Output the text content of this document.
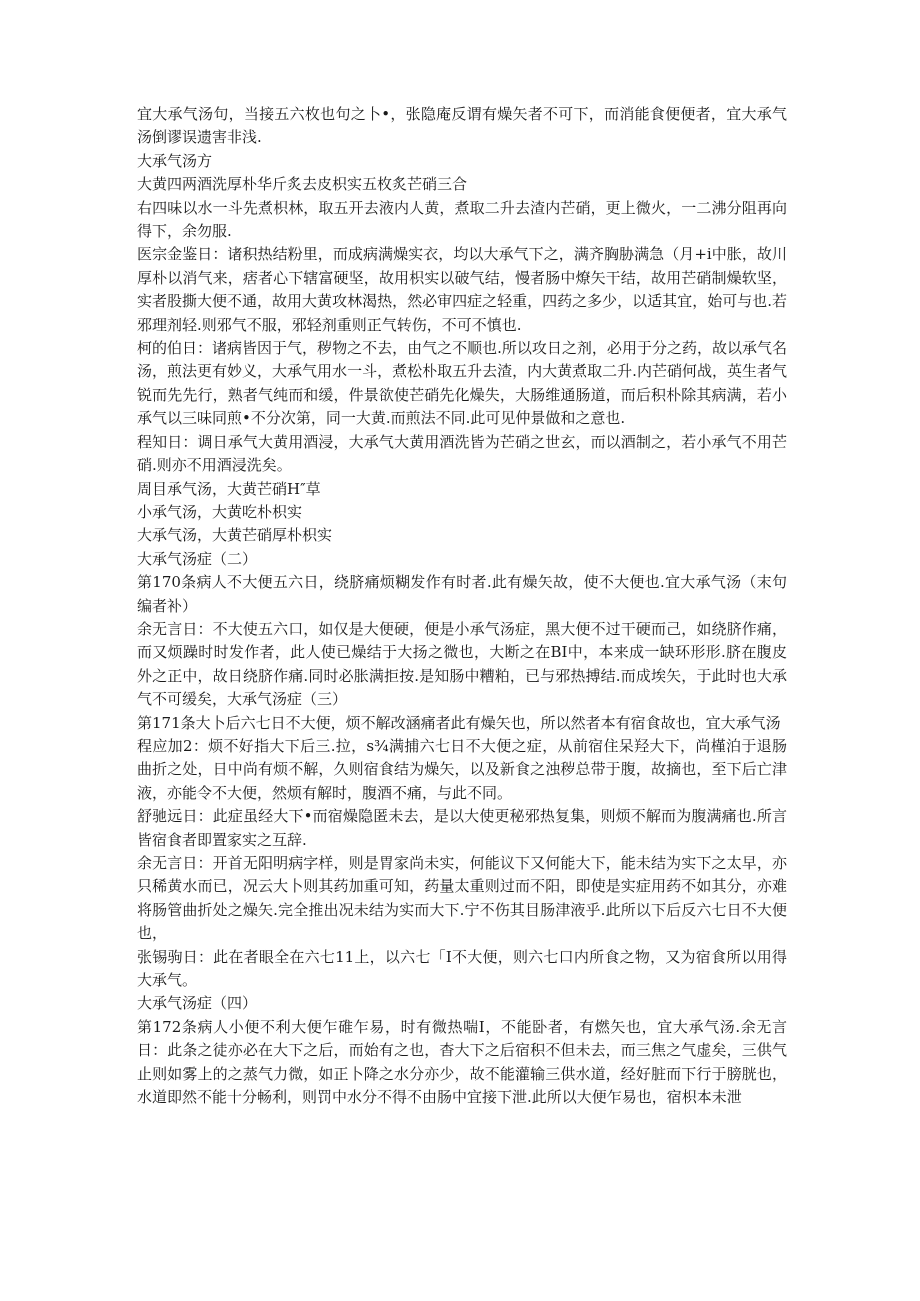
宜大承气汤句，当接五六枚也句之卜•，张隐庵反谓有燥矢者不可下，而消能食便便者，宜大承气汤倒谬误遗害非浅.

大承气汤方

大黄四两酒洗厚朴华斤炙去皮枳实五枚炙芒硝三合

右四味以水一斗先煮枳林，取五开去液内人黄，煮取二升去渣内芒硝，更上微火，一二沸分阻再向得下，余勿服.

医宗金鉴日：诸积热结粉里，而成病满燥实衣，均以大承气下之，满齐胸胁满急（月+i中胀，故川厚朴以消气来，痞者心下辖富硬坚，故用枳实以破气结，慢者肠中燎矢干结，故用芒硝制燥软坚，实者股撕大便不通，故用大黄攻林渴热，然必审四症之轻重，四药之多少，以适其宜，始可与也.若邪理剂轻.则邪气不服，邪轻剂重则正气转伤，不可不慎也.

柯的伯日：诸病皆因于气，秽物之不去，由气之不顺也.所以攻日之剂，必用于分之药，故以承气名汤，煎法更有妙义，大承气用水一斗，煮松朴取五升去渣，内大黄煮取二升.内芒硝何战，英生者气锐而先先行，熟者气纯而和缓，件景欲使芒硝先化燥失，大肠维通肠道，而后积朴除其病满，若小承气以三味同煎•不分次第，同一大黄.而煎法不同.此可见仲景做和之意也.

程知日：调日承气大黄用酒浸，大承气大黄用酒洗皆为芒硝之世玄，而以酒制之，若小承气不用芒硝.则亦不用酒浸洗矣。

周目承气汤，大黄芒硝H″草

小承气汤，大黄吃朴枳实

大承气汤，大黄芒硝厚朴枳实

大承气汤症（二）

第170条病人不大便五六日，绕脐痛烦糊发作有时者.此有燥矢故，使不大便也.宜大承气汤（末句编者补）

余无言日：不大使五六口，如仅是大便硬，便是小承气汤症，黑大便不过干硬而己，如绕脐作痛，而又烦躁时时发作者，此人使已燥结于大扬之微也，大断之在BI中，本来成一缺环形形.脐在腹皮外之正中，故日绕脐作痛.同时必胀满拒按.是知肠中糟粕，已与邪热搏结.而成埃矢，于此时也大承气不可缓矣，大承气汤症（三）

第171条大卜后六七日不大便，烦不解改涵痛者此有燥矢也，所以然者本有宿食故也，宜大承气汤

程应加2：烦不好指大下后三.拉，s¾满捕六七日不大便之症，从前宿住呆羟大下，尚槿泊于退肠曲折之处，日中尚有烦不解，久则宿食结为燥矢，以及新食之浊秽总带于腹，故摘也，至下后亡津液，亦能令不大便，然烦有解时，腹酒不痛，与此不同。

舒驰远日：此症虽经大下•而宿燥隐匿未去，是以大使更秘邪热复集，则烦不解而为腹满痛也.所言皆宿食者即置家实之互辞.

余无言日：开首无阳明病字样，则是胃家尚未实，何能议下又何能大下，能未结为实下之太早，亦只稀黄水而已，况云大卜则其药加重可知，药量太重则过而不阳，即使是实症用药不如其分，亦难将肠管曲折处之燥矢.完全推出况未结为实而大下.宁不伤其目肠津液乎.此所以下后反六七日不大便也，

张锡驹日：此在者眼全在六七11上，以六七「I不大便，则六七口内所食之物，又为宿食所以用得大承气。

大承气汤症（四）

第172条病人小便不利大便乍碓乍易，时有微热喘I，不能卧者，有燃矢也，宜大承气汤.余无言日：此条之徒亦必在大下之后，而始有之也，杳大下之后宿积不但未去，而三焦之气虚矣，三供气止则如雾上的之蒸气力微，如正卜降之水分亦少，故不能灌输三供水道，经好脏而下行于膀胱也，水道即然不能十分畅利，则罚中水分不得不由肠中宜接下泄.此所以大便乍易也，宿枳本未泄
